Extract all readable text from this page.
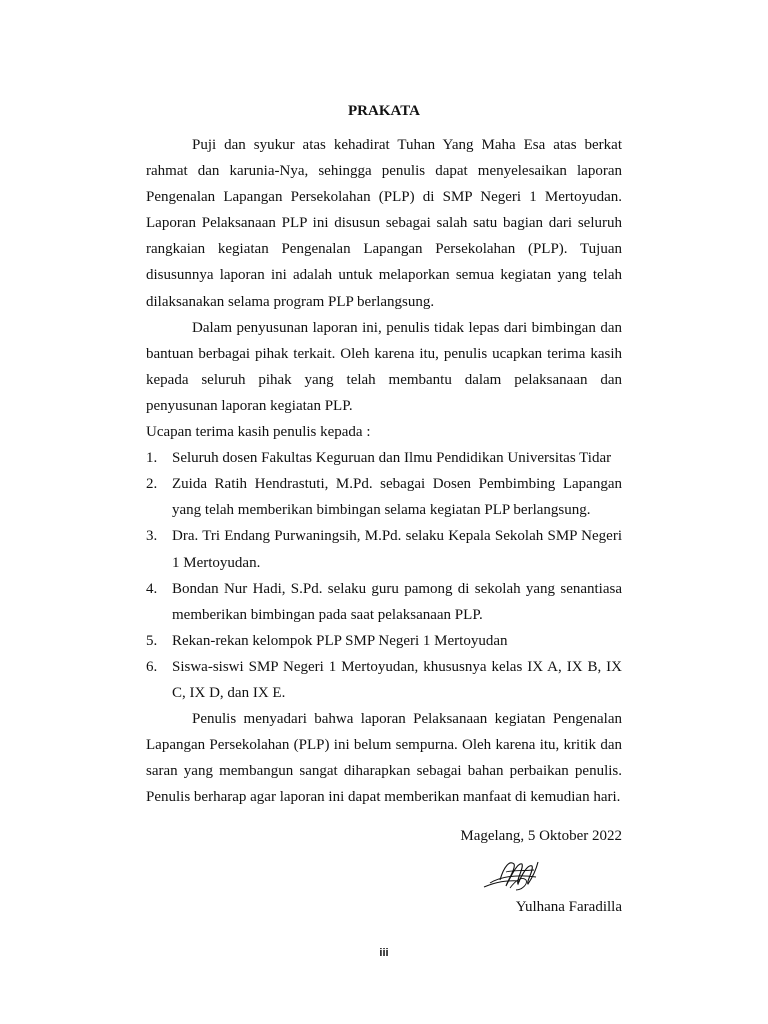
PRAKATA

Puji dan syukur atas kehadirat Tuhan Yang Maha Esa atas berkat rahmat dan karunia-Nya, sehingga penulis dapat menyelesaikan laporan Pengenalan Lapangan Persekolahan (PLP) di SMP Negeri 1 Mertoyudan. Laporan Pelaksanaan PLP ini disusun sebagai salah satu bagian dari seluruh rangkaian kegiatan Pengenalan Lapangan Persekolahan (PLP). Tujuan disusunnya laporan ini adalah untuk melaporkan semua kegiatan yang telah dilaksanakan selama program PLP berlangsung.

Dalam penyusunan laporan ini, penulis tidak lepas dari bimbingan dan bantuan berbagai pihak terkait. Oleh karena itu, penulis ucapkan terima kasih kepada seluruh pihak yang telah membantu dalam pelaksanaan dan penyusunan laporan kegiatan PLP.

Ucapan terima kasih penulis kepada :

1. Seluruh dosen Fakultas Keguruan dan Ilmu Pendidikan Universitas Tidar
2. Zuida Ratih Hendrastuti, M.Pd. sebagai Dosen Pembimbing Lapangan yang telah memberikan bimbingan selama kegiatan PLP berlangsung.
3. Dra. Tri Endang Purwaningsih, M.Pd. selaku Kepala Sekolah SMP Negeri 1 Mertoyudan.
4. Bondan Nur Hadi, S.Pd. selaku guru pamong di sekolah yang senantiasa memberikan bimbingan pada saat pelaksanaan PLP.
5. Rekan-rekan kelompok PLP SMP Negeri 1 Mertoyudan
6. Siswa-siswi SMP Negeri 1 Mertoyudan, khususnya kelas IX A, IX B, IX C, IX D, dan IX E.

Penulis menyadari bahwa laporan Pelaksanaan kegiatan Pengenalan Lapangan Persekolahan (PLP) ini belum sempurna. Oleh karena itu, kritik dan saran yang membangun sangat diharapkan sebagai bahan perbaikan penulis. Penulis berharap agar laporan ini dapat memberikan manfaat di kemudian hari.

Magelang, 5 Oktober 2022
Yulhana Faradilla
iii
